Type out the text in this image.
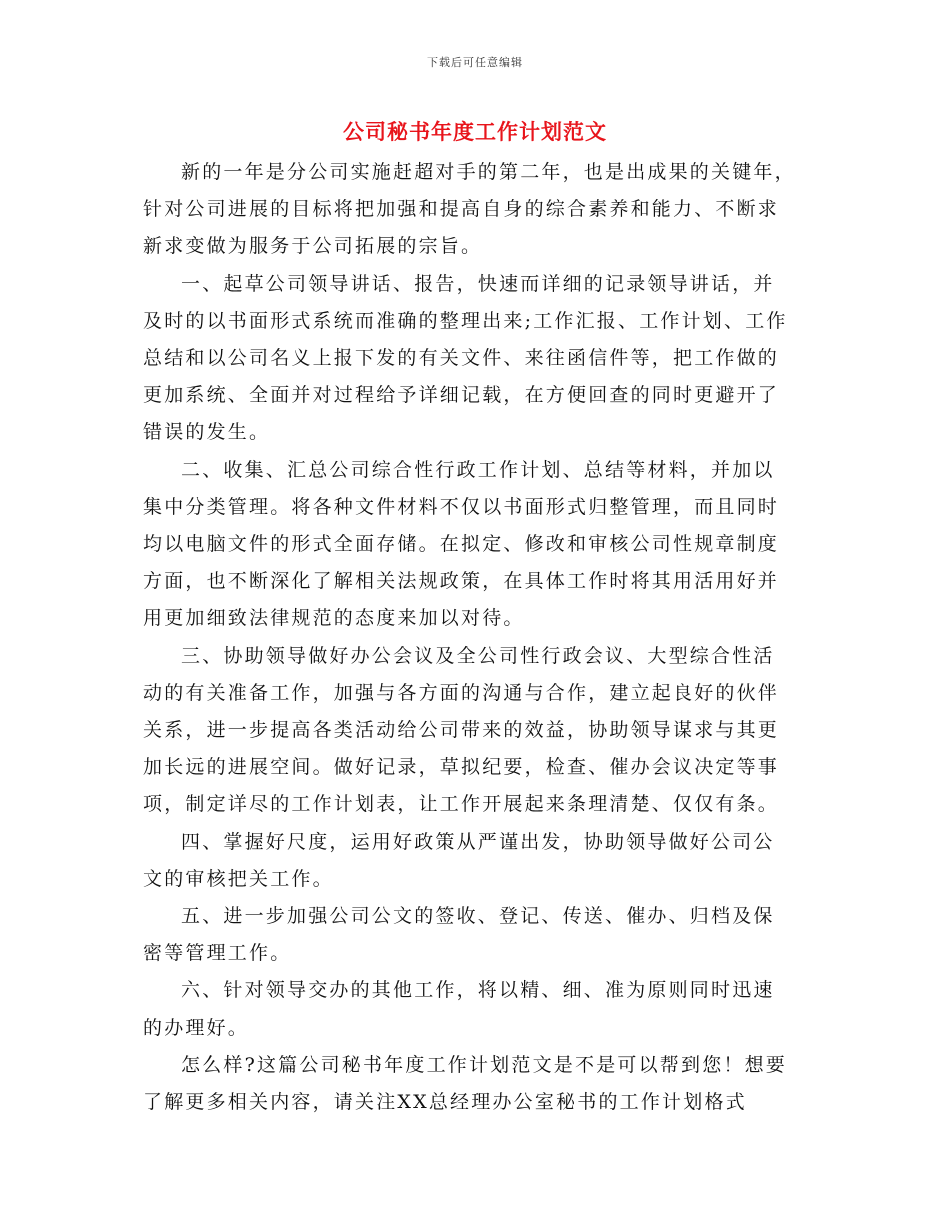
下载后可任意编辑
公司秘书年度工作计划范文

新的一年是分公司实施赶超对手的第二年，也是出成果的关键年，
针对公司进展的目标将把加强和提高自身的综合素养和能力、不断求
新求变做为服务于公司拓展的宗旨。

一、起草公司领导讲话、报告，快速而详细的记录领导讲话，并
及时的以书面形式系统而准确的整理出来;工作汇报、工作计划、工作
总结和以公司名义上报下发的有关文件、来往函信件等，把工作做的
更加系统、全面并对过程给予详细记载，在方便回查的同时更避开了
错误的发生。

二、收集、汇总公司综合性行政工作计划、总结等材料，并加以
集中分类管理。将各种文件材料不仅以书面形式归整管理，而且同时
均以电脑文件的形式全面存储。在拟定、修改和审核公司性规章制度
方面，也不断深化了解相关法规政策，在具体工作时将其用活用好并
用更加细致法律规范的态度来加以对待。

三、协助领导做好办公会议及全公司性行政会议、大型综合性活
动的有关准备工作，加强与各方面的沟通与合作，建立起良好的伙伴
关系，进一步提高各类活动给公司带来的效益，协助领导谋求与其更
加长远的进展空间。做好记录，草拟纪要，检查、催办会议决定等事
项，制定详尽的工作计划表，让工作开展起来条理清楚、仅仅有条。

四、掌握好尺度，运用好政策从严谨出发，协助领导做好公司公
文的审核把关工作。

五、进一步加强公司公文的签收、登记、传送、催办、归档及保
密等管理工作。

六、针对领导交办的其他工作，将以精、细、准为原则同时迅速
的办理好。

怎么样?这篇公司秘书年度工作计划范文是不是可以帮到您！想要
了解更多相关内容，请关注XX总经理办公室秘书的工作计划格式
